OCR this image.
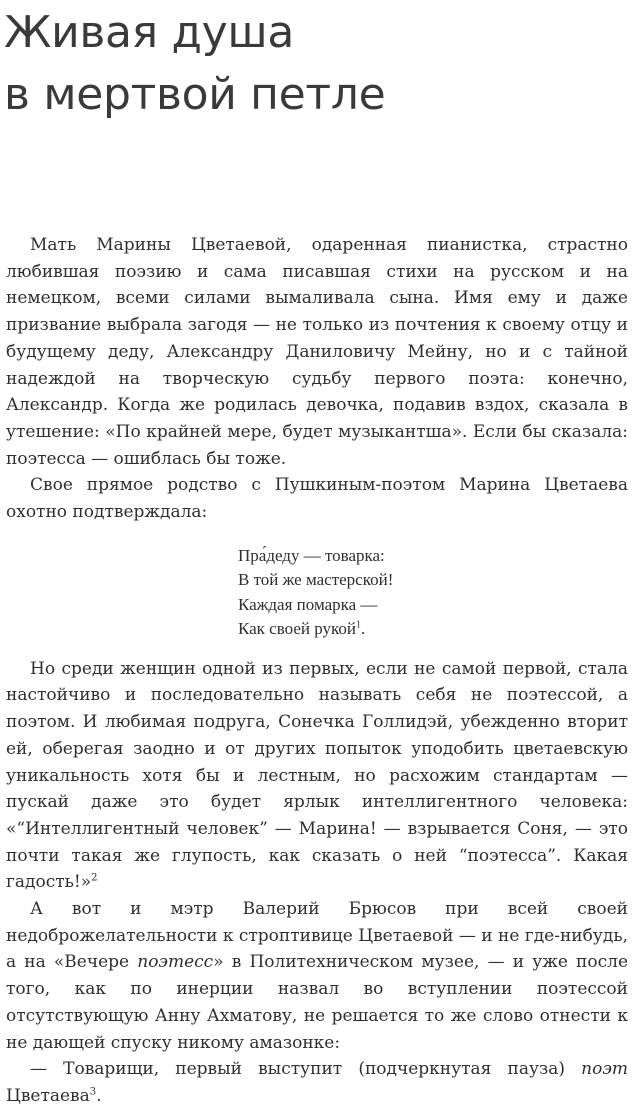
Живая душа
в мертвой петле

Мать Марины Цветаевой, одаренная пианистка, страстно любившая поэзию и сама писавшая стихи на русском и на немецком, всеми силами вымаливала сына. Имя ему и даже призвание выбрала загодя — не только из почтения к своему отцу и будущему деду, Александру Даниловичу Мейну, но и с тайной надеждой на творческую судьбу первого поэта: конечно, Александр. Когда же родилась девочка, подавив вздох, сказала в утешение: «По крайней мере, будет музыкантша». Если бы сказала: поэтесса — ошиблась бы тоже.

Свое прямое родство с Пушкиным-поэтом Марина Цветаева охотно подтверждала:

Пра́деду — товарка:
В той же мастерской!
Каждая помарка —
Как своей рукой$^1$.

Но среди женщин одной из первых, если не самой первой, стала настойчиво и последовательно называть себя не поэтессой, а поэтом. И любимая подруга, Сонечка Голлидэй, убежденно вторит ей, оберегая заодно и от других попыток уподобить цветаевскую уникальность хотя бы и лестным, но расхожим стандартам — пускай даже это будет ярлык интеллигентного человека: «“Интеллигентный человек” — Марина! — взрывается Соня, — это почти такая же глупость, как сказать о ней “поэтесса”. Какая гадость!»$^2$

А вот и мэтр Валерий Брюсов при всей своей недоброжелательности к строптивице Цветаевой — и не где-нибудь, а на «Вечере поэтесс» в Политехническом музее, — и уже после того, как по инерции назвал во вступлении поэтессой отсутствующую Анну Ахматову, не решается то же слово отнести к не дающей спуску никому амазонке:

— Товарищи, первый выступит (подчеркнутая пауза) поэт Цветаева$^3$.
